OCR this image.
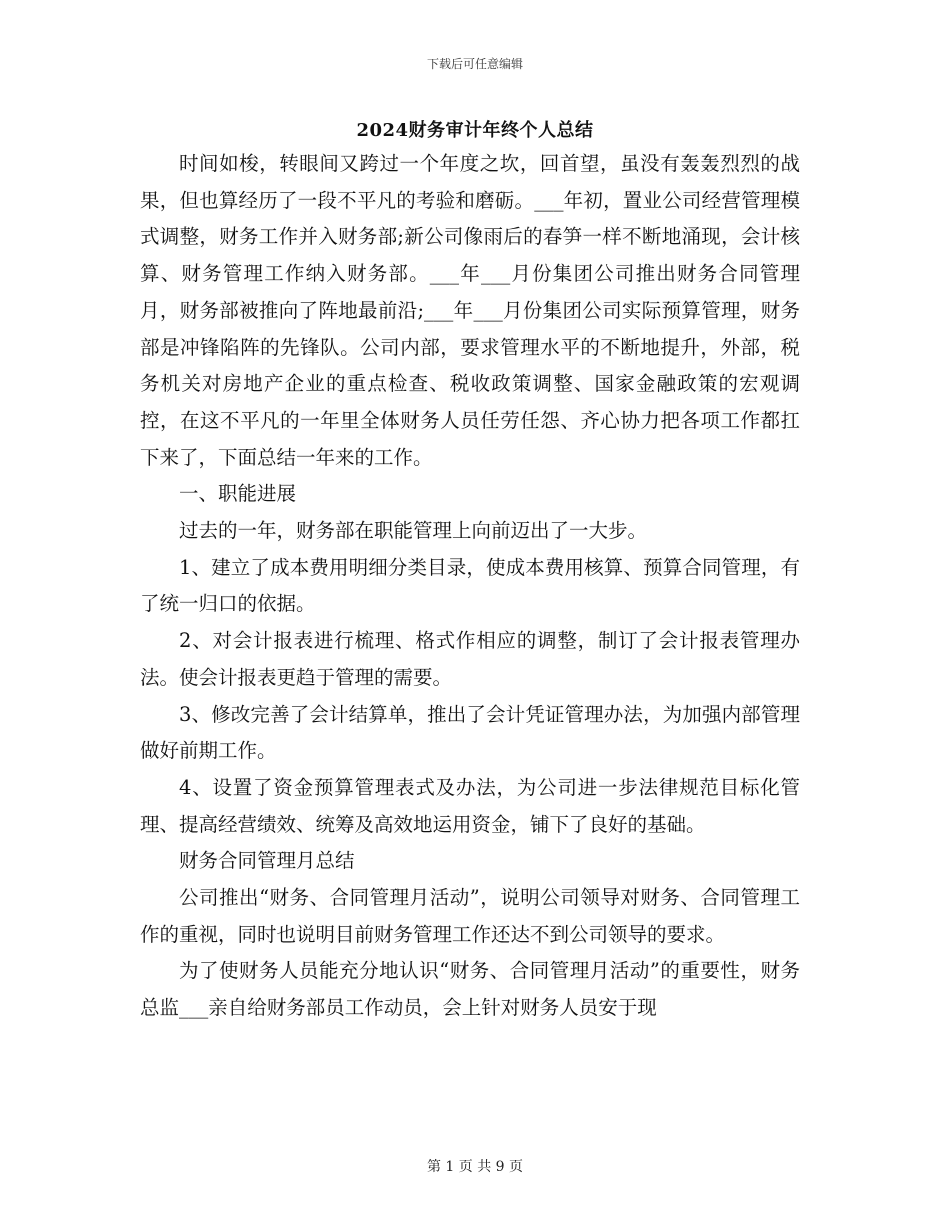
下载后可任意编辑
2024财务审计年终个人总结

时间如梭，转眼间又跨过一个年度之坎，回首望，虽没有轰轰烈烈的战果，但也算经历了一段不平凡的考验和磨砺。___年初，置业公司经营管理模式调整，财务工作并入财务部;新公司像雨后的春笋一样不断地涌现，会计核算、财务管理工作纳入财务部。___年___月份集团公司推出财务合同管理月，财务部被推向了阵地最前沿;___年___月份集团公司实际预算管理，财务部是冲锋陷阵的先锋队。公司内部，要求管理水平的不断地提升，外部，税务机关对房地产企业的重点检查、税收政策调整、国家金融政策的宏观调控，在这不平凡的一年里全体财务人员任劳任怨、齐心协力把各项工作都扛下来了，下面总结一年来的工作。

一、职能进展

过去的一年，财务部在职能管理上向前迈出了一大步。

1、建立了成本费用明细分类目录，使成本费用核算、预算合同管理，有了统一归口的依据。

2、对会计报表进行梳理、格式作相应的调整，制订了会计报表管理办法。使会计报表更趋于管理的需要。

3、修改完善了会计结算单，推出了会计凭证管理办法，为加强内部管理做好前期工作。

4、设置了资金预算管理表式及办法，为公司进一步法律规范目标化管理、提高经营绩效、统筹及高效地运用资金，铺下了良好的基础。

财务合同管理月总结

公司推出“财务、合同管理月活动”，说明公司领导对财务、合同管理工作的重视，同时也说明目前财务管理工作还达不到公司领导的要求。

为了使财务人员能充分地认识“财务、合同管理月活动”的重要性，财务总监___亲自给财务部员工作动员，会上针对财务人员安于现

第 1 页 共 9 页
